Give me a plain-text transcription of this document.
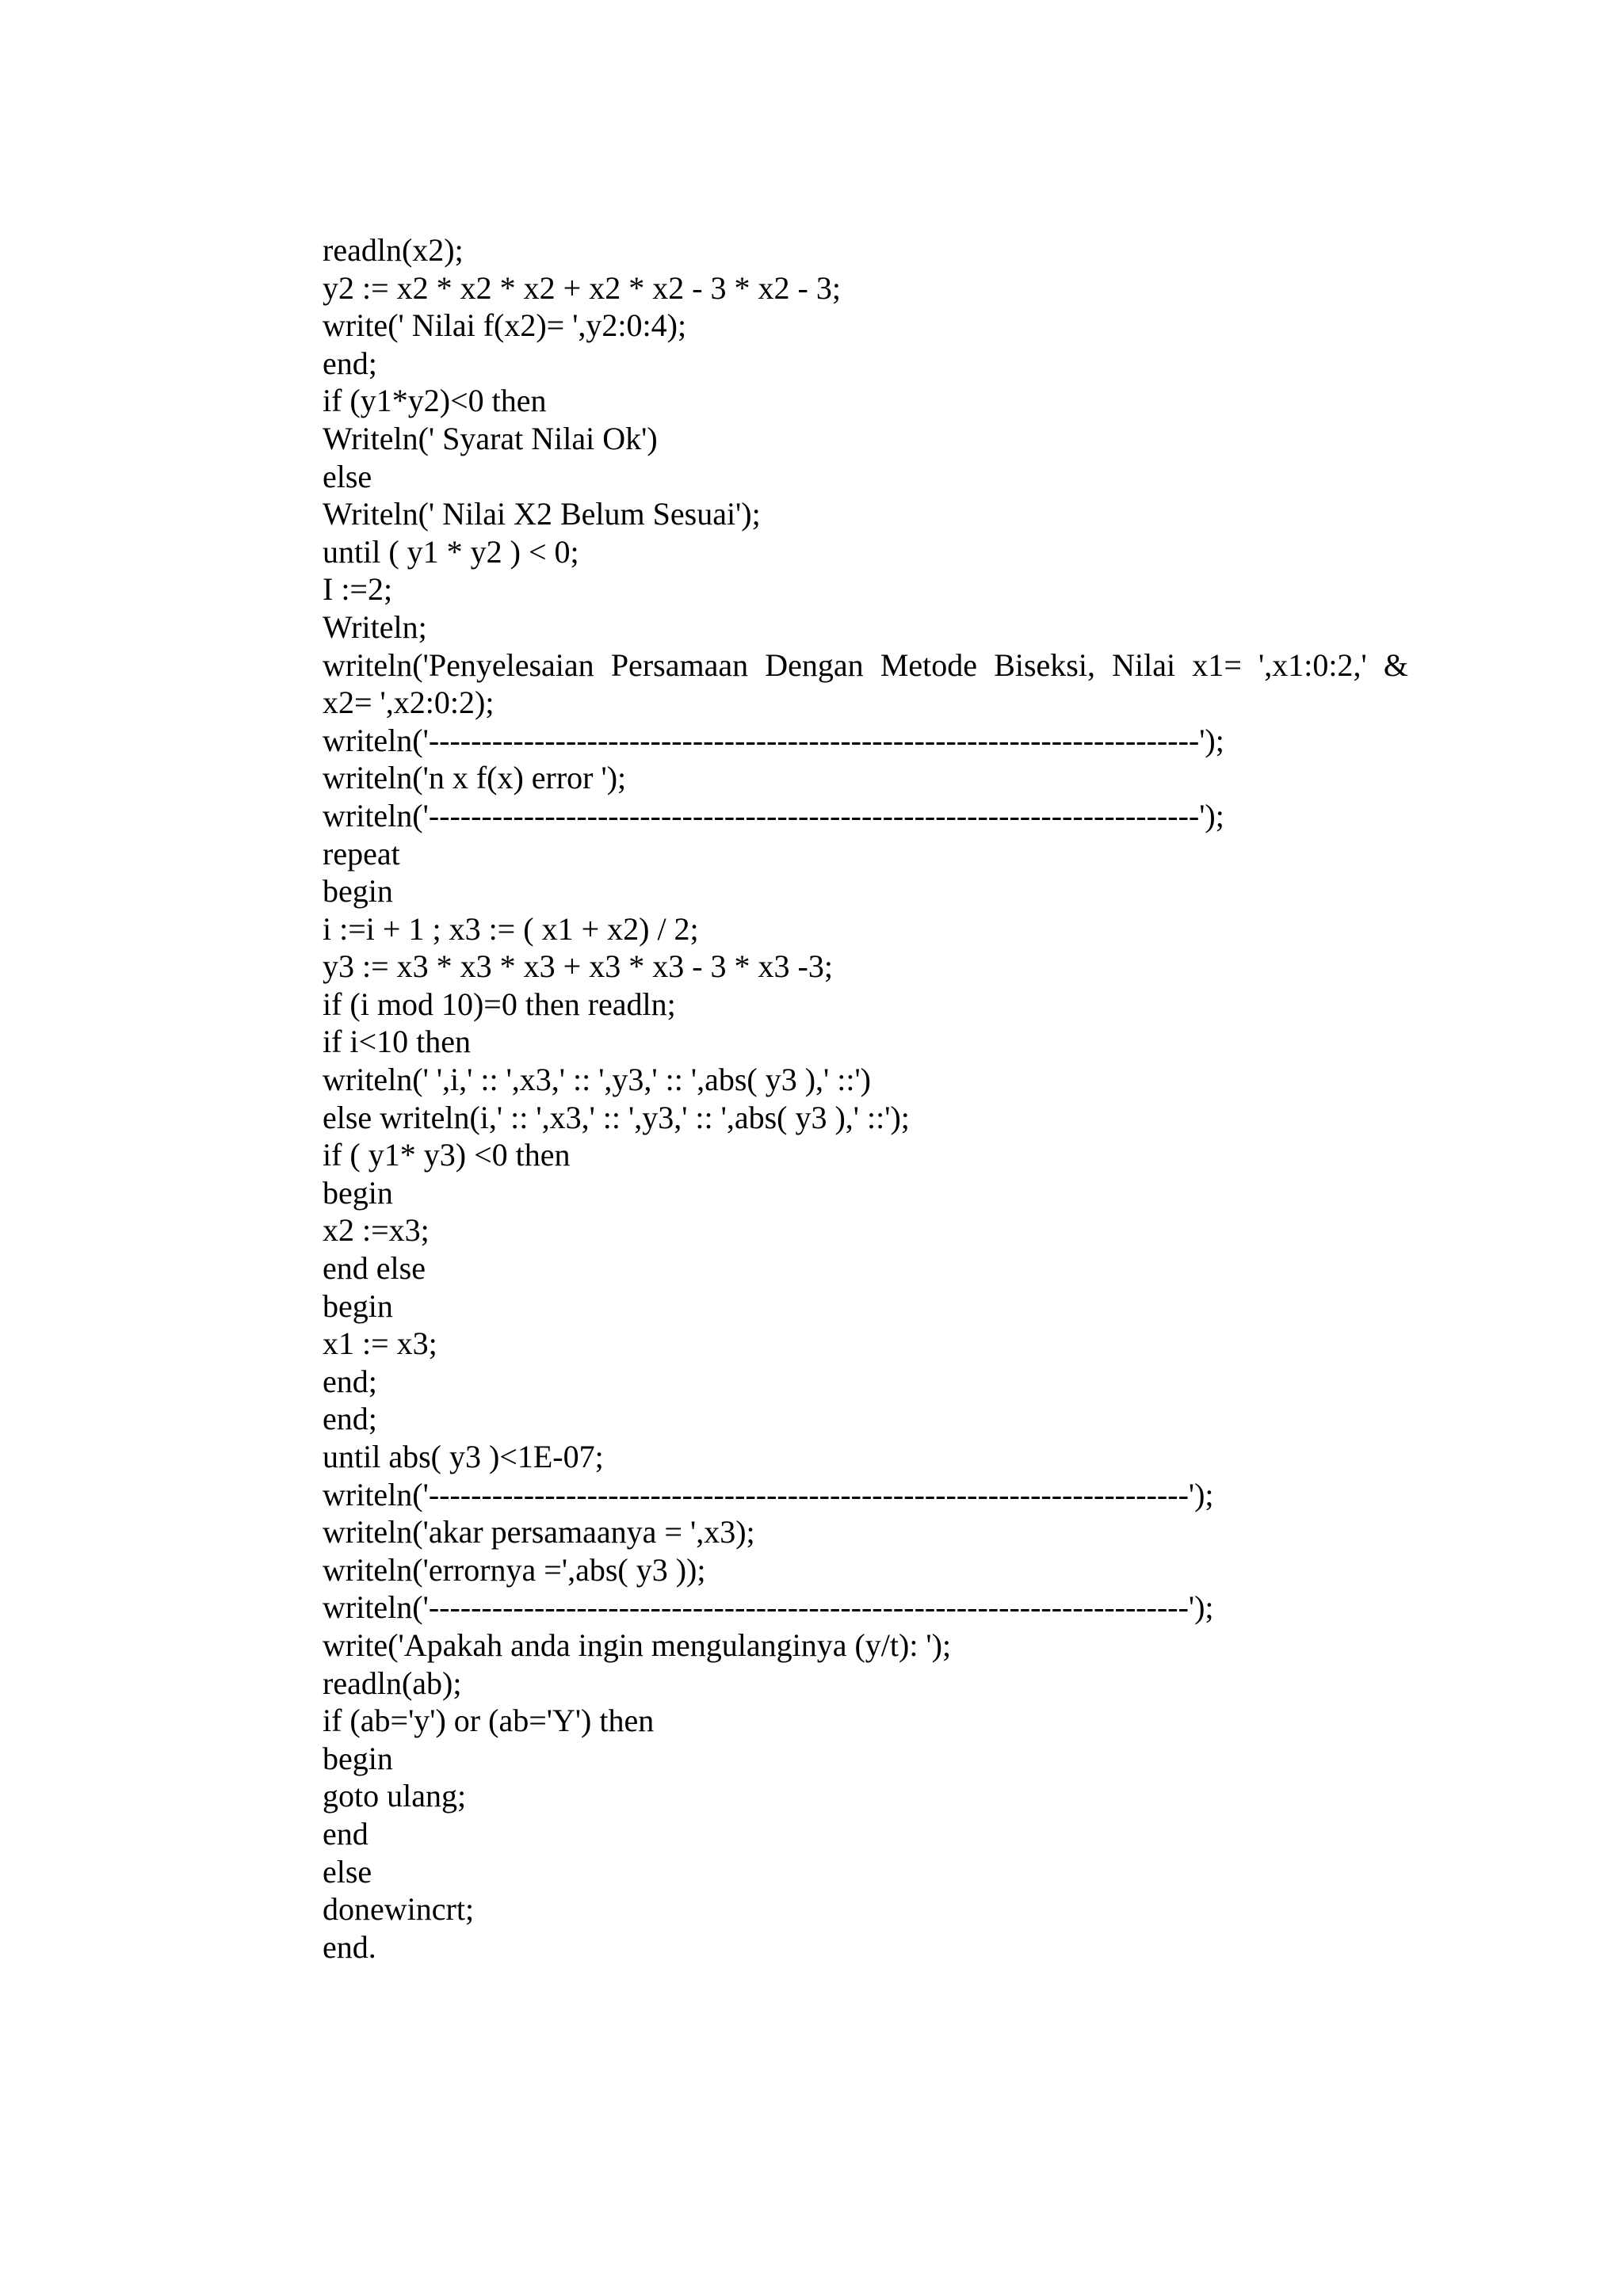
readln(x2);
y2 := x2 * x2 * x2 + x2 * x2 - 3 * x2 - 3;
write(' Nilai f(x2)= ',y2:0:4);
end;
if (y1*y2)<0 then
Writeln(' Syarat Nilai Ok')
else
Writeln(' Nilai X2 Belum Sesuai');
until ( y1 * y2 ) < 0;
I :=2;
Writeln;
writeln('Penyelesaian Persamaan Dengan Metode Biseksi, Nilai x1= ',x1:0:2,' &
x2= ',x2:0:2);
writeln('-------------------------------------------------------------------------');
writeln('n x f(x) error ');
writeln('-------------------------------------------------------------------------');
repeat
begin
i :=i + 1 ; x3 := ( x1 + x2) / 2;
y3 := x3 * x3 * x3 + x3 * x3 - 3 * x3 -3;
if (i mod 10)=0 then readln;
if i<10 then
writeln(' ',i,' :: ',x3,' :: ',y3,' :: ',abs( y3 ),' ::')
else writeln(i,' :: ',x3,' :: ',y3,' :: ',abs( y3 ),' ::');
if ( y1* y3) <0 then
begin
x2 :=x3;
end else
begin
x1 := x3;
end;
end;
until abs( y3 )<1E-07;
writeln('------------------------------------------------------------------------');
writeln('akar persamaanya = ',x3);
writeln('errornya =',abs( y3 ));
writeln('------------------------------------------------------------------------');
write('Apakah anda ingin mengulanginya (y/t): ');
readln(ab);
if (ab='y') or (ab='Y') then
begin
goto ulang;
end
else
donewincrt;
end.
